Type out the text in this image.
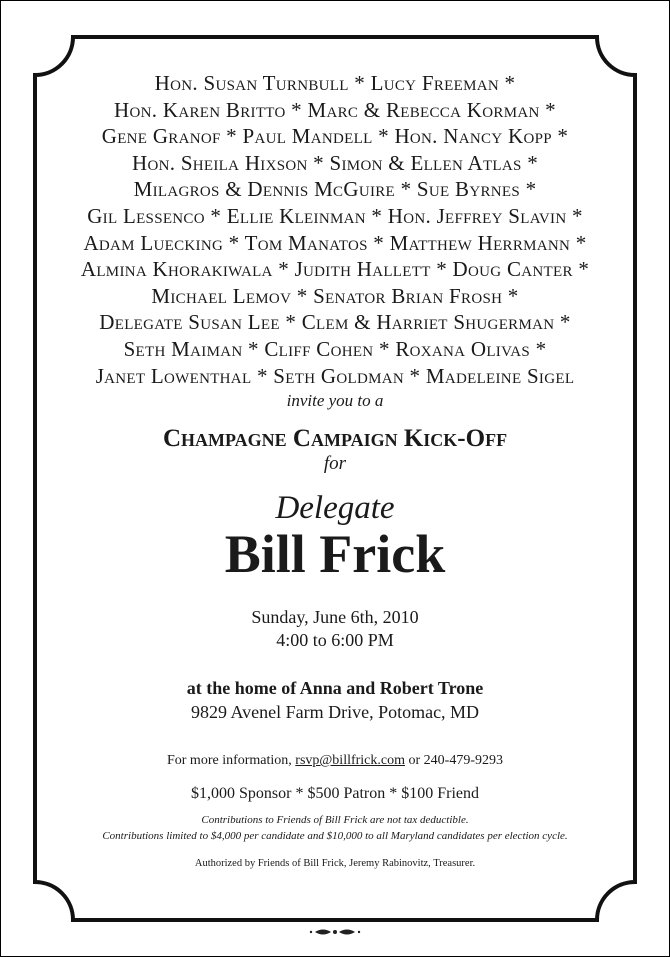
Hon. Susan Turnbull * Lucy Freeman *
Hon. Karen Britto * Marc & Rebecca Korman *
Gene Granof * Paul Mandell * Hon. Nancy Kopp *
Hon. Sheila Hixson * Simon & Ellen Atlas *
Milagros & Dennis McGuire * Sue Byrnes *
Gil Lessenco * Ellie Kleinman * Hon. Jeffrey Slavin *
Adam Luecking * Tom Manatos * Matthew Herrmann *
Almina Khorakiwala * Judith Hallett * Doug Canter *
Michael Lemov * Senator Brian Frosh *
Delegate Susan Lee * Clem & Harriet Shugerman *
Seth Maiman * Cliff Cohen * Roxana Olivas *
Janet Lowenthal * Seth Goldman * Madeleine Sigel
invite you to a
Champagne Campaign Kick-Off
for
Delegate
Bill Frick
Sunday, June 6th, 2010
4:00 to 6:00 PM
at the home of Anna and Robert Trone
9829 Avenel Farm Drive, Potomac, MD
For more information, rsvp@billfrick.com or 240-479-9293
$1,000 Sponsor * $500 Patron * $100 Friend
Contributions to Friends of Bill Frick are not tax deductible.
Contributions limited to $4,000 per candidate and $10,000 to all Maryland candidates per election cycle.
Authorized by Friends of Bill Frick, Jeremy Rabinovitz, Treasurer.
